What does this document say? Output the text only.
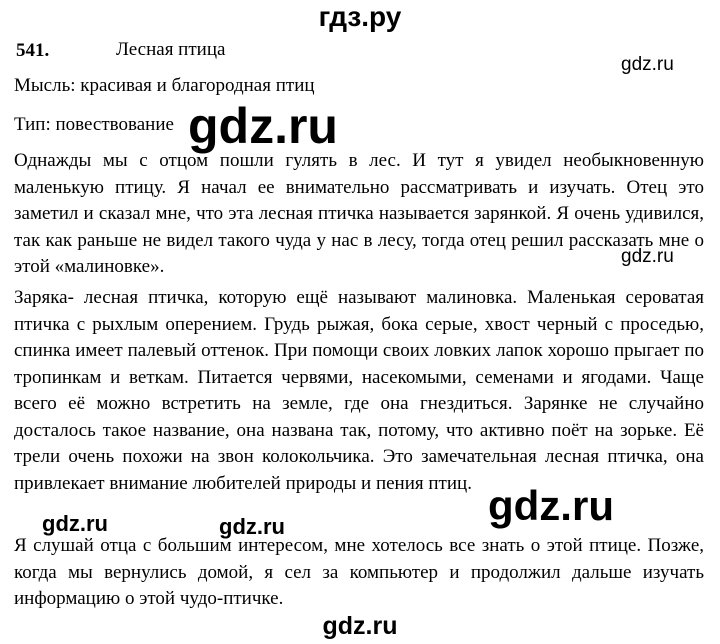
гдз.ру
541.	Лесная птица
gdz.ru
Мысль: красивая и благородная птиц
Тип: повествование gdz.ru
Однажды мы с отцом пошли гулять в лес. И тут я увидел необыкновенную маленькую птицу. Я начал ее внимательно рассматривать и изучать. Отец это заметил и сказал мне, что эта лесная птичка называется зарянкой. Я очень удивился, так как раньше не видел такого чуда у нас в лесу, тогда отец решил рассказать мне о этой «малиновке».	gdz.ru
Заряка- лесная птичка, которую ещё называют малиновка. Маленькая сероватая птичка с рыхлым оперением. Грудь рыжая, бока серые, хвост черный с проседью, спинка имеет палевый оттенок. При помощи своих ловких лапок хорошо прыгает по тропинкам и веткам. Питается червями, насекомыми, семенами и ягодами. Чаще всего её можно встретить на земле, где она гнездиться. Зарянке не случайно досталось такое название, она названа так, потому, что активно поёт на зорьке. Её трели очень похожи на звон колокольчика. Это замечательная лесная птичка, она привлекает внимание любителей природы и пения птиц. gdz.ru
gdz.ru	gdz.ru
Я слушай отца с большим интересом, мне хотелось все знать о этой птице. Позже, когда мы вернулись домой, я сел за компьютер и продолжил дальше изучать информацию о этой чудо-птичке.
gdz.ru
